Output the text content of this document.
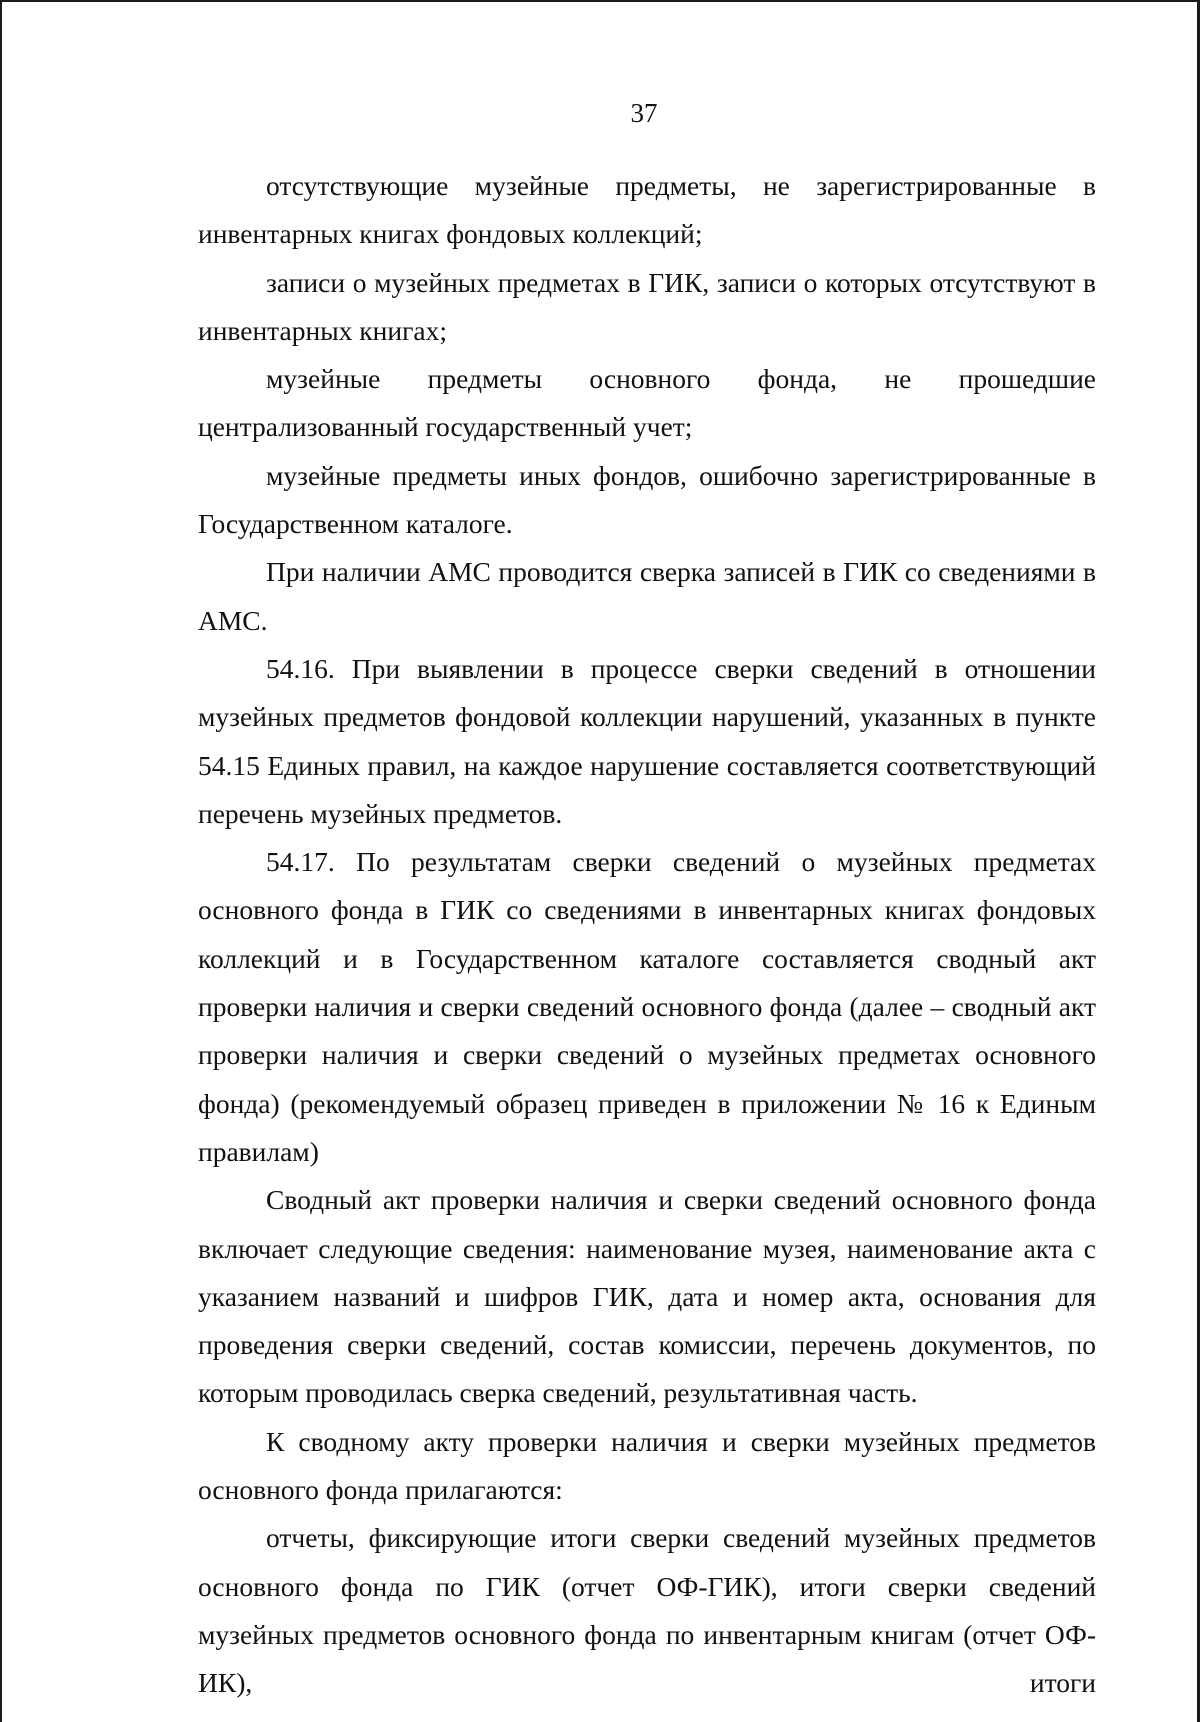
37

отсутствующие музейные предметы, не зарегистрированные в инвентарных книгах фондовых коллекций;

записи о музейных предметах в ГИК, записи о которых отсутствуют в инвентарных книгах;

музейные предметы основного фонда, не прошедшие централизованный государственный учет;

музейные предметы иных фондов, ошибочно зарегистрированные в Государственном каталоге.

При наличии АМС проводится сверка записей в ГИК со сведениями в АМС.

54.16. При выявлении в процессе сверки сведений в отношении музейных предметов фондовой коллекции нарушений, указанных в пункте 54.15 Единых правил, на каждое нарушение составляется соответствующий перечень музейных предметов.

54.17. По результатам сверки сведений о музейных предметах основного фонда в ГИК со сведениями в инвентарных книгах фондовых коллекций и в Государственном каталоге составляется сводный акт проверки наличия и сверки сведений основного фонда (далее – сводный акт проверки наличия и сверки сведений о музейных предметах основного фонда) (рекомендуемый образец приведен в приложении № 16 к Единым правилам)

Сводный акт проверки наличия и сверки сведений основного фонда включает следующие сведения: наименование музея, наименование акта с указанием названий и шифров ГИК, дата и номер акта, основания для проведения сверки сведений, состав комиссии, перечень документов, по которым проводилась сверка сведений, результативная часть.

К сводному акту проверки наличия и сверки музейных предметов основного фонда прилагаются:

отчеты, фиксирующие итоги сверки сведений музейных предметов основного фонда по ГИК (отчет ОФ-ГИК), итоги сверки сведений музейных предметов основного фонда по инвентарным книгам (отчет ОФ-ИК), итоги
